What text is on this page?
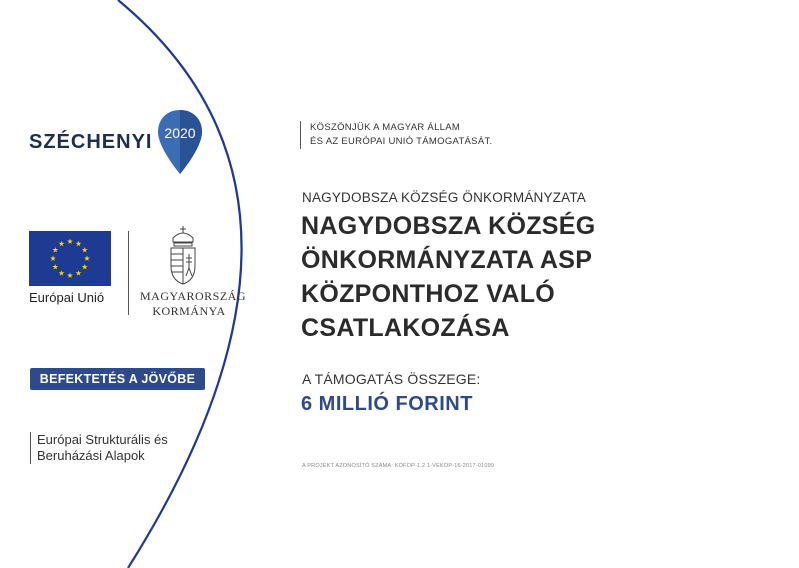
SZÉCHENYI 2020
Európai Unió	MAGYARORSZÁG
KORMÁNYA
BEFEKTETÉS A JÖVŐBE
Európai Strukturális és
Beruházási Alapok
KÖSZÖNJÜK A MAGYAR ÁLLAM
ÉS AZ EURÓPAI UNIÓ TÁMOGATÁSÁT.
NAGYDOBSZA KÖZSÉG ÖNKORMÁNYZATA
NAGYDOBSZA KÖZSÉG
ÖNKORMÁNYZATA ASP
KÖZPONTHOZ VALÓ
CSATLAKOZÁSA
A TÁMOGATÁS ÖSSZEGE:
6 MILLIÓ FORINT
A PROJEKT AZONOSÍTÓ SZÁMA: KÖFOP-1.2.1-VEKOP-16-2017-01099
